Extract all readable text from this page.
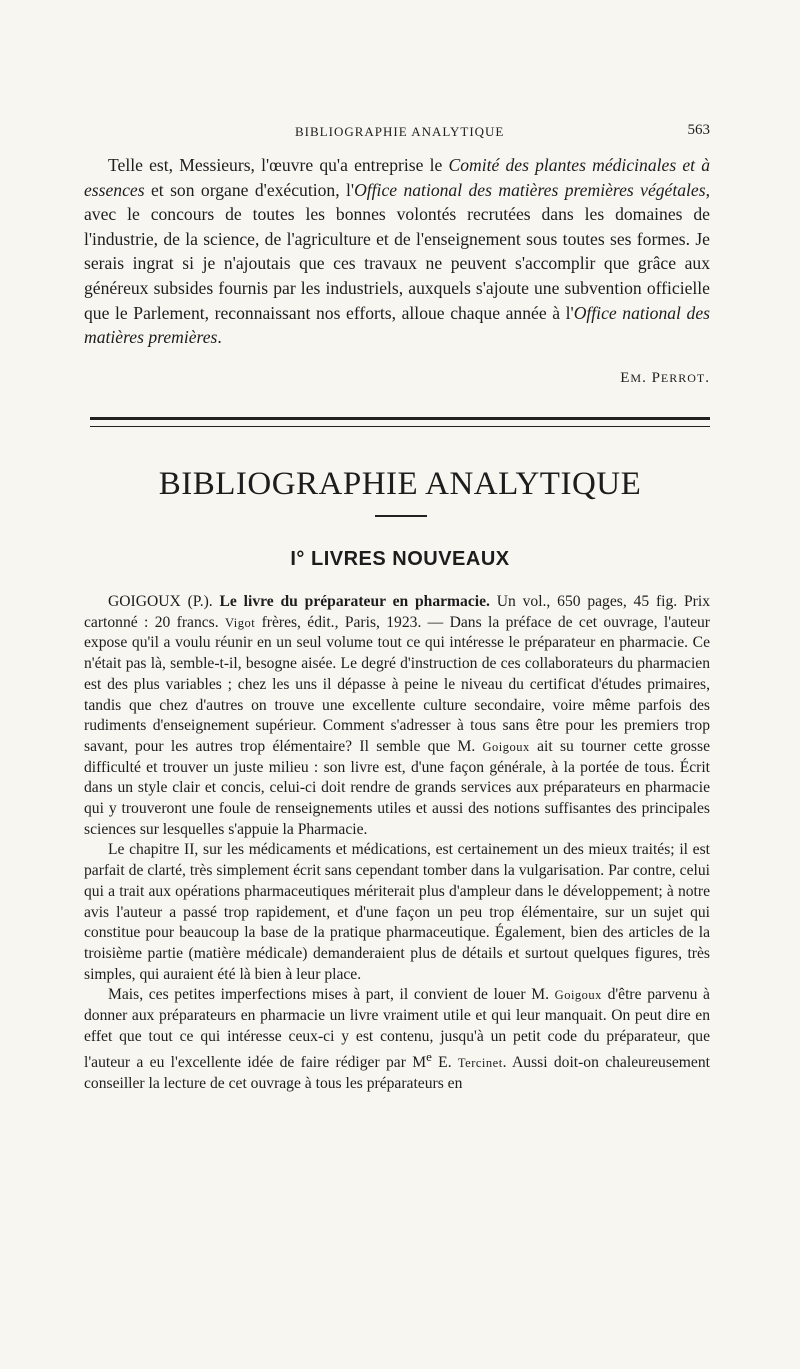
BIBLIOGRAPHIE ANALYTIQUE	563

Telle est, Messieurs, l'œuvre qu'a entreprise le Comité des plantes médicinales et à essences et son organe d'exécution, l'Office national des matières premières végétales, avec le concours de toutes les bonnes volontés recrutées dans les domaines de l'industrie, de la science, de l'agriculture et de l'enseignement sous toutes ses formes. Je serais ingrat si je n'ajoutais que ces travaux ne peuvent s'accomplir que grâce aux généreux subsides fournis par les industriels, auxquels s'ajoute une subvention officielle que le Parlement, reconnaissant nos efforts, alloue chaque année à l'Office national des matières premières.

EM. PERROT.
BIBLIOGRAPHIE ANALYTIQUE
I° LIVRES NOUVEAUX

GOIGOUX (P.). Le livre du préparateur en pharmacie. Un vol., 650 pages, 45 fig. Prix cartonné : 20 francs. Vigot frères, édit., Paris, 1923. — Dans la préface de cet ouvrage, l'auteur expose qu'il a voulu réunir en un seul volume tout ce qui intéresse le préparateur en pharmacie. Ce n'était pas là, semble-t-il, besogne aisée. Le degré d'instruction de ces collaborateurs du pharmacien est des plus variables ; chez les uns il dépasse à peine le niveau du certificat d'études primaires, tandis que chez d'autres on trouve une excellente culture secondaire, voire même parfois des rudiments d'enseignement supérieur. Comment s'adresser à tous sans être pour les premiers trop savant, pour les autres trop élémentaire? Il semble que M. Goigoux ait su tourner cette grosse difficulté et trouver un juste milieu : son livre est, d'une façon générale, à la portée de tous. Écrit dans un style clair et concis, celui-ci doit rendre de grands services aux préparateurs en pharmacie qui y trouveront une foule de renseignements utiles et aussi des notions suffisantes des principales sciences sur lesquelles s'appuie la Pharmacie.

Le chapitre II, sur les médicaments et médications, est certainement un des mieux traités; il est parfait de clarté, très simplement écrit sans cependant tomber dans la vulgarisation. Par contre, celui qui a trait aux opérations pharmaceutiques mériterait plus d'ampleur dans le développement; à notre avis l'auteur a passé trop rapidement, et d'une façon un peu trop élémentaire, sur un sujet qui constitue pour beaucoup la base de la pratique pharmaceutique. Également, bien des articles de la troisième partie (matière médicale) demanderaient plus de détails et surtout quelques figures, très simples, qui auraient été là bien à leur place.

Mais, ces petites imperfections mises à part, il convient de louer M. Goigoux d'être parvenu à donner aux préparateurs en pharmacie un livre vraiment utile et qui leur manquait. On peut dire en effet que tout ce qui intéresse ceux-ci y est contenu, jusqu'à un petit code du préparateur, que l'auteur a eu l'excellente idée de faire rédiger par Me E. Tercinet. Aussi doit-on chaleureusement conseiller la lecture de cet ouvrage à tous les préparateurs en
